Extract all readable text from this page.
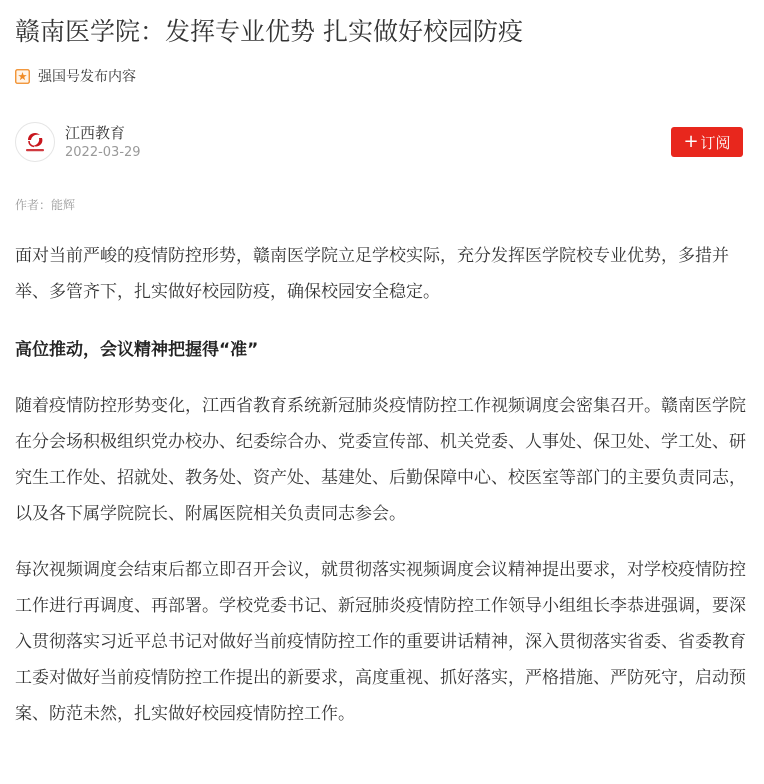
赣南医学院：发挥专业优势 扎实做好校园防疫
强国号发布内容
江西教育
2022-03-29	+ 订阅
作者：能辉

面对当前严峻的疫情防控形势，赣南医学院立足学校实际，充分发挥医学院校专业优势，多措并举、多管齐下，扎实做好校园防疫，确保校园安全稳定。

高位推动，会议精神把握得“准”

随着疫情防控形势变化，江西省教育系统新冠肺炎疫情防控工作视频调度会密集召开。赣南医学院在分会场积极组织党办校办、纪委综合办、党委宣传部、机关党委、人事处、保卫处、学工处、研究生工作处、招就处、教务处、资产处、基建处、后勤保障中心、校医室等部门的主要负责同志，以及各下属学院院长、附属医院相关负责同志参会。

每次视频调度会结束后都立即召开会议，就贯彻落实视频调度会议精神提出要求，对学校疫情防控工作进行再调度、再部署。学校党委书记、新冠肺炎疫情防控工作领导小组组长李恭进强调，要深入贯彻落实习近平总书记对做好当前疫情防控工作的重要讲话精神，深入贯彻落实省委、省委教育工委对做好当前疫情防控工作提出的新要求，高度重视、抓好落实，严格措施、严防死守，启动预案、防范未然，扎实做好校园疫情防控工作。
